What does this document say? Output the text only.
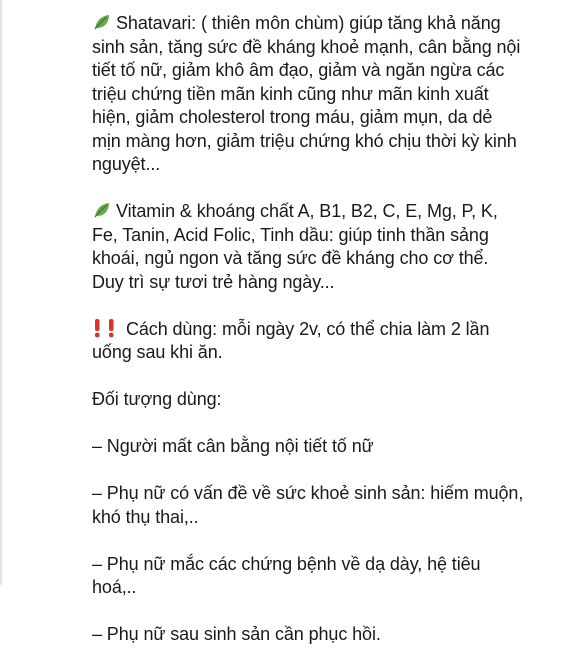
Shatavari: ( thiên môn chùm) giúp tăng khả năng
sinh sản, tăng sức đề kháng khoẻ mạnh, cân bằng nội
tiết tố nữ, giảm khô âm đạo, giảm và ngăn ngừa các
triệu chứng tiền mãn kinh cũng như mãn kinh xuất
hiện, giảm cholesterol trong máu, giảm mụn, da dẻ
mịn màng hơn, giảm triệu chứng khó chịu thời kỳ kinh
nguyệt...
Vitamin & khoáng chất A, B1, B2, C, E, Mg, P, K,
Fe, Tanin, Acid Folic, Tinh dầu: giúp tinh thần sảng
khoái, ngủ ngon và tăng sức đề kháng cho cơ thể.
Duy trì sự tươi trẻ hàng ngày...
Cách dùng: mỗi ngày 2v, có thể chia làm 2 lần
uống sau khi ăn.
Đối tượng dùng:
– Người mất cân bằng nội tiết tố nữ
– Phụ nữ có vấn đề về sức khoẻ sinh sản: hiếm muộn,
khó thụ thai,..
– Phụ nữ mắc các chứng bệnh về dạ dày, hệ tiêu
hoá,..
– Phụ nữ sau sinh sản cần phục hồi.
